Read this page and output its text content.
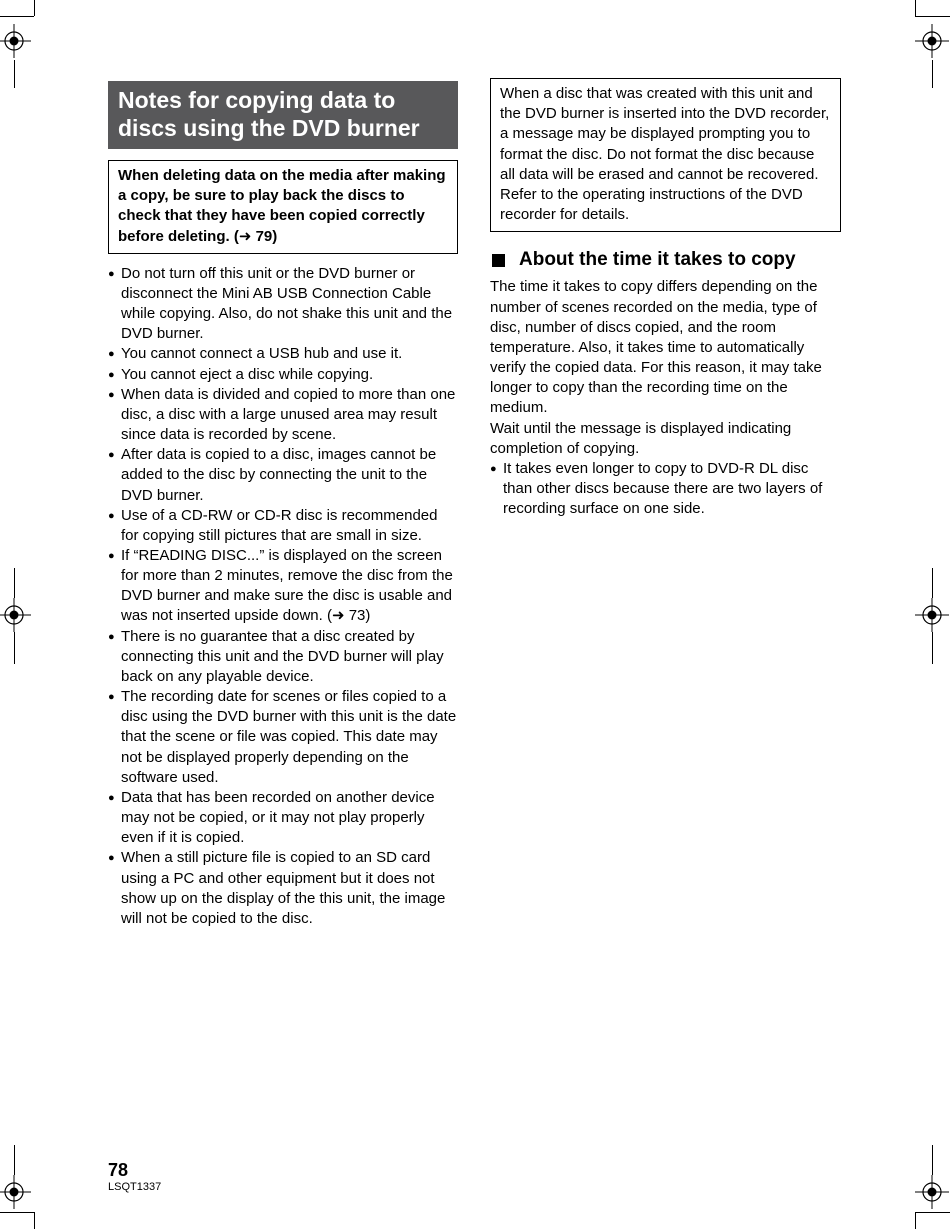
Notes for copying data to discs using the DVD burner
When deleting data on the media after making a copy, be sure to play back the discs to check that they have been copied correctly before deleting. (➜ 79)
● Do not turn off this unit or the DVD burner or disconnect the Mini AB USB Connection Cable while copying. Also, do not shake this unit and the DVD burner.
● You cannot connect a USB hub and use it.
● You cannot eject a disc while copying.
● When data is divided and copied to more than one disc, a disc with a large unused area may result since data is recorded by scene.
● After data is copied to a disc, images cannot be added to the disc by connecting the unit to the DVD burner.
● Use of a CD-RW or CD-R disc is recommended for copying still pictures that are small in size.
● If “READING DISC...” is displayed on the screen for more than 2 minutes, remove the disc from the DVD burner and make sure the disc is usable and was not inserted upside down. (➜ 73)
● There is no guarantee that a disc created by connecting this unit and the DVD burner will play back on any playable device.
● The recording date for scenes or files copied to a disc using the DVD burner with this unit is the date that the scene or file was copied. This date may not be displayed properly depending on the software used.
● Data that has been recorded on another device may not be copied, or it may not play properly even if it is copied.
● When a still picture file is copied to an SD card using a PC and other equipment but it does not show up on the display of the this unit, the image will not be copied to the disc.

When a disc that was created with this unit and the DVD burner is inserted into the DVD recorder, a message may be displayed prompting you to format the disc. Do not format the disc because all data will be erased and cannot be recovered.

Refer to the operating instructions of the DVD recorder for details.

About the time it takes to copy

The time it takes to copy differs depending on the number of scenes recorded on the media, type of disc, number of discs copied, and the room temperature. Also, it takes time to automatically verify the copied data. For this reason, it may take longer to copy than the recording time on the medium.

Wait until the message is displayed indicating completion of copying.

● It takes even longer to copy to DVD-R DL disc than other discs because there are two layers of recording surface on one side.
78
LSQT1337
